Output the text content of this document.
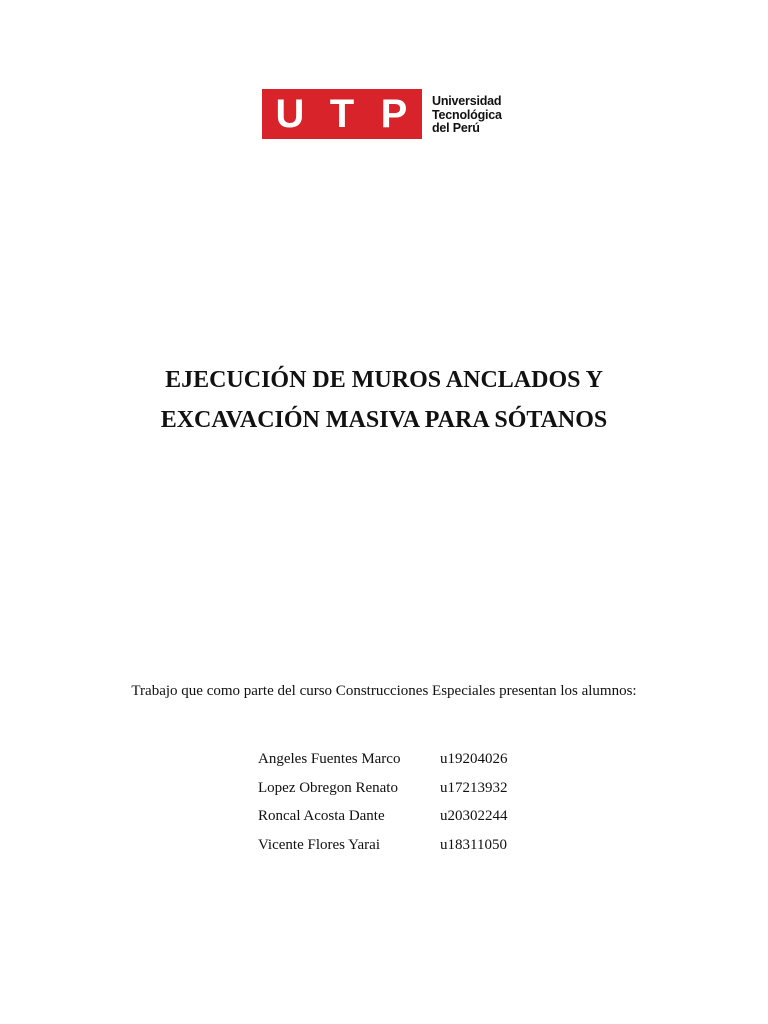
U T P Universidad
Tecnológica
del Perú
EJECUCIÓN DE MUROS ANCLADOS Y
EXCAVACIÓN MASIVA PARA SÓTANOS
Trabajo que como parte del curso Construcciones Especiales presentan los alumnos:
Angeles Fuentes Marco	u19204026
Lopez Obregon Renato	u17213932
Roncal Acosta Dante	u20302244
Vicente Flores Yarai	u18311050
